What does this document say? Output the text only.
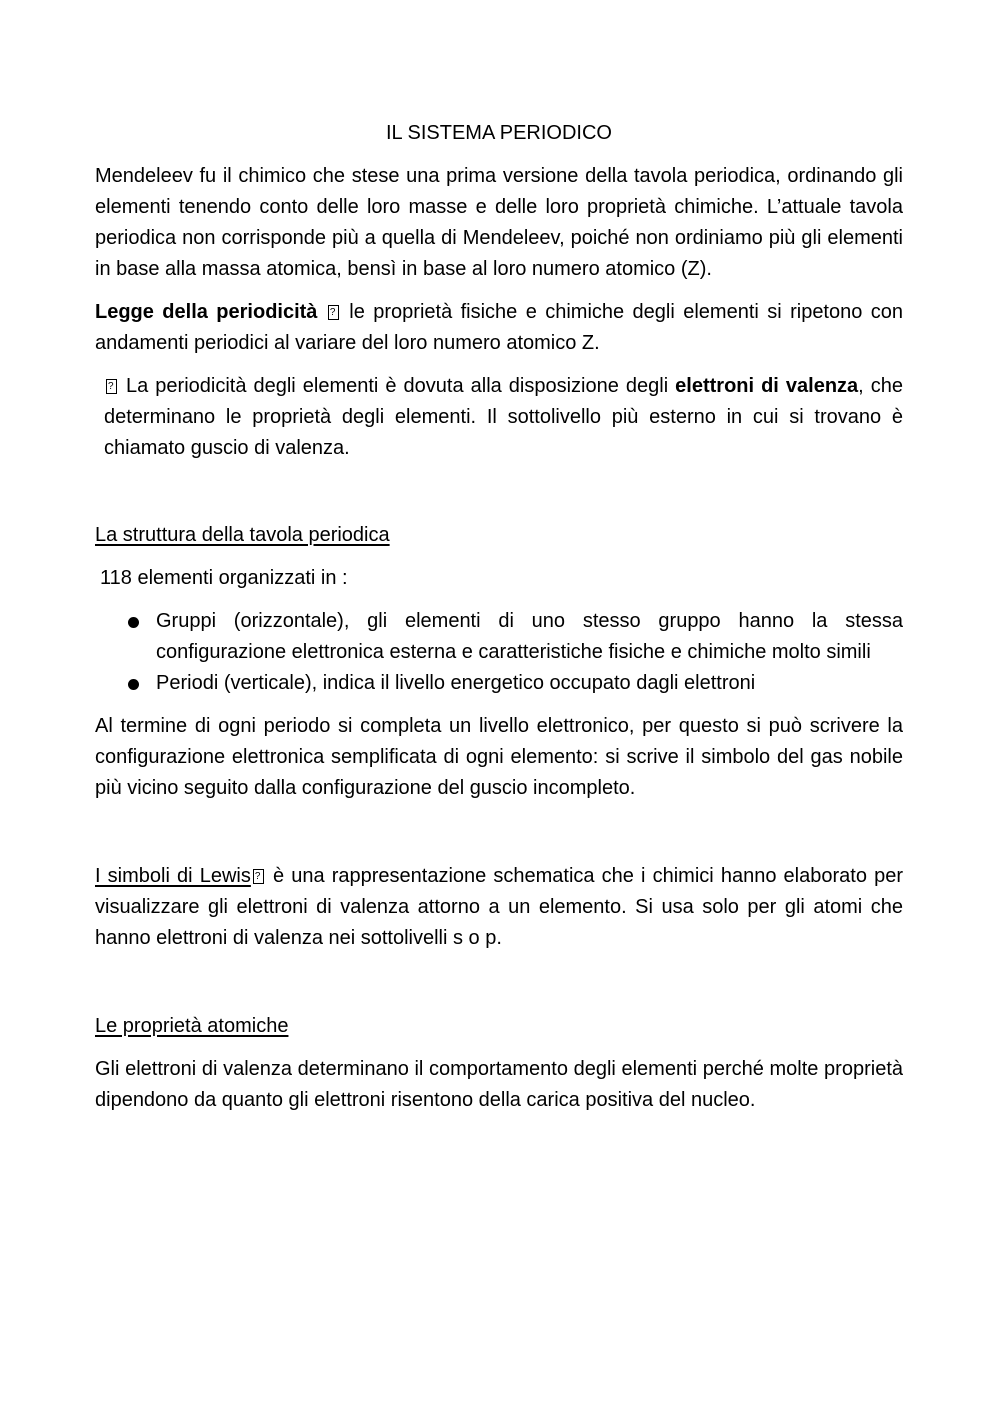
IL SISTEMA PERIODICO

Mendeleev fu il chimico che stese una prima versione della tavola periodica, ordinando gli elementi tenendo conto delle loro masse e delle loro proprietà chimiche. L’attuale tavola periodica non corrisponde più a quella di Mendeleev, poiché non ordiniamo più gli elementi in base alla massa atomica, bensì in base al loro numero atomico (Z).

Legge della periodicità ? le proprietà fisiche e chimiche degli elementi si ripetono con andamenti periodici al variare del loro numero atomico Z.

? La periodicità degli elementi è dovuta alla disposizione degli elettroni di valenza, che determinano le proprietà degli elementi. Il sottolivello più esterno in cui si trovano è chiamato guscio di valenza.

La struttura della tavola periodica

118 elementi organizzati in :

Gruppi (orizzontale), gli elementi di uno stesso gruppo hanno la stessa configurazione elettronica esterna e caratteristiche fisiche e chimiche molto simili
Periodi (verticale), indica il livello energetico occupato dagli elettroni

Al termine di ogni periodo si completa un livello elettronico, per questo si può scrivere la configurazione elettronica semplificata di ogni elemento: si scrive il simbolo del gas nobile più vicino seguito dalla configurazione del guscio incompleto.

I simboli di Lewis ? è una rappresentazione schematica che i chimici hanno elaborato per visualizzare gli elettroni di valenza attorno a un elemento. Si usa solo per gli atomi che hanno elettroni di valenza nei sottolivelli s o p.

Le proprietà atomiche

Gli elettroni di valenza determinano il comportamento degli elementi perché molte proprietà dipendono da quanto gli elettroni risentono della carica positiva del nucleo.
